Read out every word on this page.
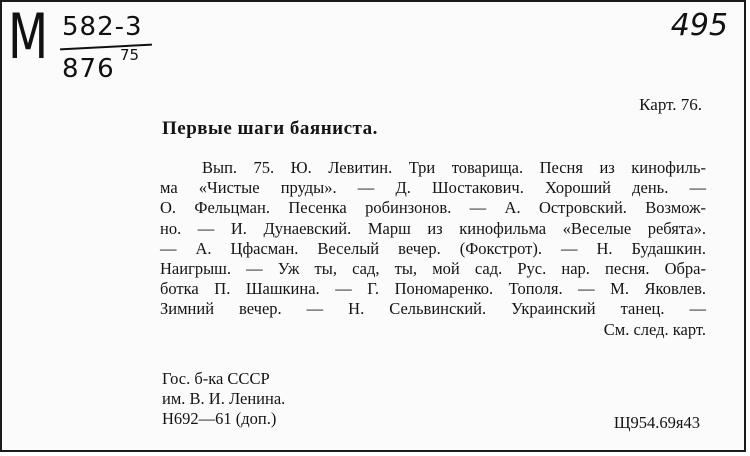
M 582-3
876 75
495
Карт. 76.
Первые шаги баяниста.
Вып. 75. Ю. Левитин. Три товарища. Песня из кинофиль-
ма «Чистые пруды». — Д. Шостакович. Хороший день. —
О. Фельцман. Песенка робинзонов. — А. Островский. Возмож-
но. — И. Дунаевский. Марш из кинофильма «Веселые ребята».
— А. Цфасман. Веселый вечер. (Фокстрот). — Н. Будашкин.
Наигрыш. — Уж ты, сад, ты, мой сад. Рус. нар. песня. Обра-
ботка П. Шашкина. — Г. Пономаренко. Тополя. — М. Яковлев.
Зимний вечер. — Н. Сельвинский. Украинский танец. —
См. след. карт.
Гос. б-ка СССР
им. В. И. Ленина.
Н692—61 (доп.)	Щ954.69я43
